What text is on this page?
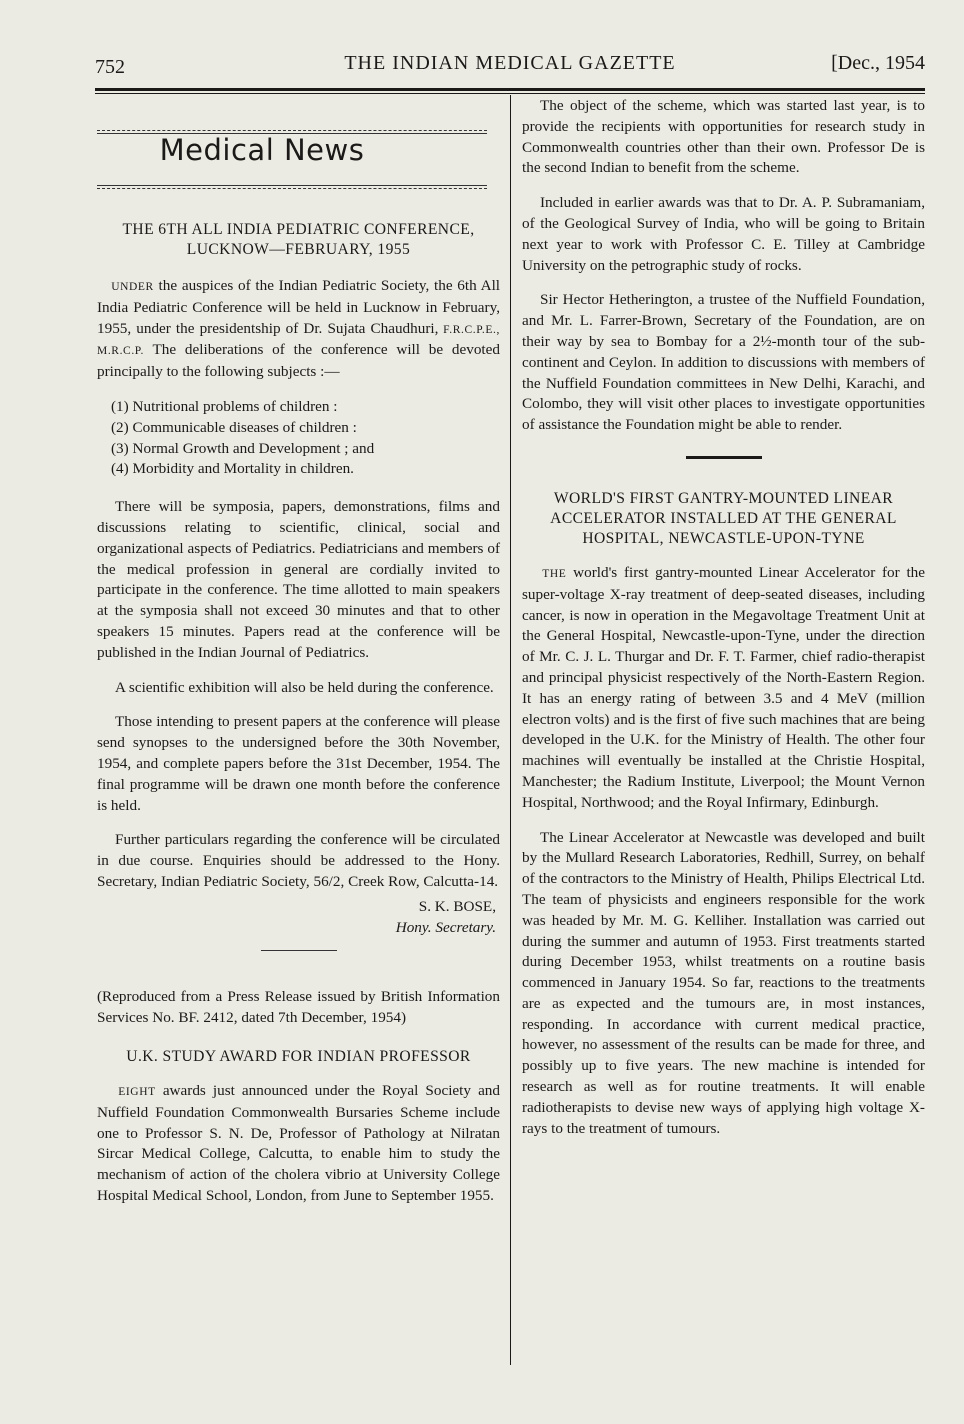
752	THE INDIAN MEDICAL GAZETTE	[Dec., 1954
Medical News
THE 6TH ALL INDIA PEDIATRIC CONFERENCE,
LUCKNOW—FEBRUARY, 1955

UNDER the auspices of the Indian Pediatric Society, the 6th All India Pediatric Conference will be held in Lucknow in February, 1955, under the presidentship of Dr. Sujata Chaudhuri, F.R.C.P.E., M.R.C.P. The deliberations of the conference will be devoted principally to the following subjects :—

(1) Nutritional problems of children :
(2) Communicable diseases of children :
(3) Normal Growth and Development ; and
(4) Morbidity and Mortality in children.

There will be symposia, papers, demonstrations, films and discussions relating to scientific, clinical, social and organizational aspects of Pediatrics. Pediatricians and members of the medical profession in general are cordially invited to participate in the conference. The time allotted to main speakers at the symposia shall not exceed 30 minutes and that to other speakers 15 minutes. Papers read at the conference will be published in the Indian Journal of Pediatrics.

A scientific exhibition will also be held during the conference.

Those intending to present papers at the conference will please send synopses to the undersigned before the 30th November, 1954, and complete papers before the 31st December, 1954. The final programme will be drawn one month before the conference is held.

Further particulars regarding the conference will be circulated in due course. Enquiries should be addressed to the Hony. Secretary, Indian Pediatric Society, 56/2, Creek Row, Calcutta-14.

S. K. BOSE,
Hony. Secretary.

(Reproduced from a Press Release issued by British Information Services No. BF. 2412, dated 7th December, 1954)

U.K. STUDY AWARD FOR INDIAN PROFESSOR

EIGHT awards just announced under the Royal Society and Nuffield Foundation Commonwealth Bursaries Scheme include one to Professor S. N. De, Professor of Pathology at Nilratan Sircar Medical College, Calcutta, to enable him to study the mechanism of action of the cholera vibrio at University College Hospital Medical School, London, from June to September 1955.

The object of the scheme, which was started last year, is to provide the recipients with opportunities for research study in Commonwealth countries other than their own. Professor De is the second Indian to benefit from the scheme.

Included in earlier awards was that to Dr. A. P. Subramaniam, of the Geological Survey of India, who will be going to Britain next year to work with Professor C. E. Tilley at Cambridge University on the petrographic study of rocks.

Sir Hector Hetherington, a trustee of the Nuffield Foundation, and Mr. L. Farrer-Brown, Secretary of the Foundation, are on their way by sea to Bombay for a 2½-month tour of the sub-continent and Ceylon. In addition to discussions with members of the Nuffield Foundation committees in New Delhi, Karachi, and Colombo, they will visit other places to investigate opportunities of assistance the Foundation might be able to render.

WORLD'S FIRST GANTRY-MOUNTED LINEAR
ACCELERATOR INSTALLED AT THE GENERAL
HOSPITAL, NEWCASTLE-UPON-TYNE

THE world's first gantry-mounted Linear Accelerator for the super-voltage X-ray treatment of deep-seated diseases, including cancer, is now in operation in the Megavoltage Treatment Unit at the General Hospital, Newcastle-upon-Tyne, under the direction of Mr. C. J. L. Thurgar and Dr. F. T. Farmer, chief radio-therapist and principal physicist respectively of the North-Eastern Region. It has an energy rating of between 3.5 and 4 MeV (million electron volts) and is the first of five such machines that are being developed in the U.K. for the Ministry of Health. The other four machines will eventually be installed at the Christie Hospital, Manchester; the Radium Institute, Liverpool; the Mount Vernon Hospital, Northwood; and the Royal Infirmary, Edinburgh.

The Linear Accelerator at Newcastle was developed and built by the Mullard Research Laboratories, Redhill, Surrey, on behalf of the contractors to the Ministry of Health, Philips Electrical Ltd. The team of physicists and engineers responsible for the work was headed by Mr. M. G. Kelliher. Installation was carried out during the summer and autumn of 1953. First treatments started during December 1953, whilst treatments on a routine basis commenced in January 1954. So far, reactions to the treatments are as expected and the tumours are, in most instances, responding. In accordance with current medical practice, however, no assessment of the results can be made for three, and possibly up to five years. The new machine is intended for research as well as for routine treatments. It will enable radiotherapists to devise new ways of applying high voltage X-rays to the treatment of tumours.
